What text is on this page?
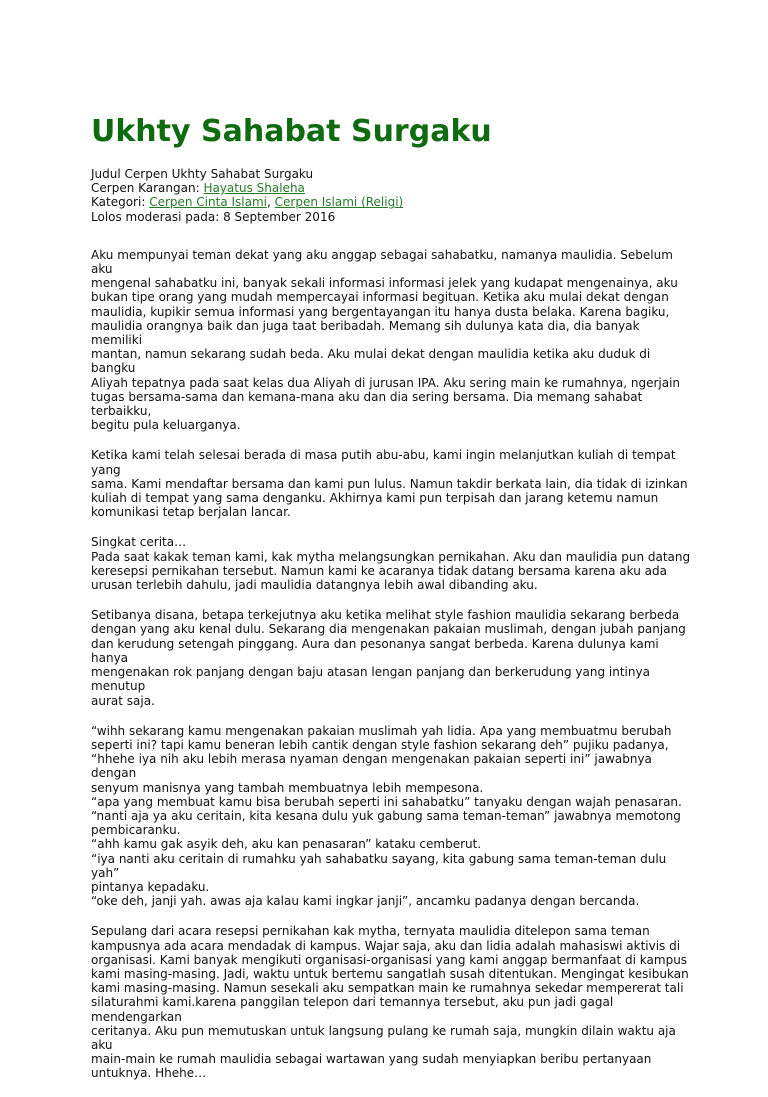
Ukhty Sahabat Surgaku
Judul Cerpen Ukhty Sahabat Surgaku
Cerpen Karangan: Hayatus Shaleha
Kategori: Cerpen Cinta Islami, Cerpen Islami (Religi)
Lolos moderasi pada: 8 September 2016

Aku mempunyai teman dekat yang aku anggap sebagai sahabatku, namanya maulidia. Sebelum aku
mengenal sahabatku ini, banyak sekali informasi informasi jelek yang kudapat mengenainya, aku
bukan tipe orang yang mudah mempercayai informasi begituan. Ketika aku mulai dekat dengan
maulidia, kupikir semua informasi yang bergentayangan itu hanya dusta belaka. Karena bagiku,
maulidia orangnya baik dan juga taat beribadah. Memang sih dulunya kata dia, dia banyak memiliki
mantan, namun sekarang sudah beda. Aku mulai dekat dengan maulidia ketika aku duduk di bangku
Aliyah tepatnya pada saat kelas dua Aliyah di jurusan IPA. Aku sering main ke rumahnya, ngerjain
tugas bersama-sama dan kemana-mana aku dan dia sering bersama. Dia memang sahabat terbaikku,
begitu pula keluarganya.

Ketika kami telah selesai berada di masa putih abu-abu, kami ingin melanjutkan kuliah di tempat yang
sama. Kami mendaftar bersama dan kami pun lulus. Namun takdir berkata lain, dia tidak di izinkan
kuliah di tempat yang sama denganku. Akhirnya kami pun terpisah dan jarang ketemu namun
komunikasi tetap berjalan lancar.

Singkat cerita…
Pada saat kakak teman kami, kak mytha melangsungkan pernikahan. Aku dan maulidia pun datang
keresepsi pernikahan tersebut. Namun kami ke acaranya tidak datang bersama karena aku ada
urusan terlebih dahulu, jadi maulidia datangnya lebih awal dibanding aku.

Setibanya disana, betapa terkejutnya aku ketika melihat style fashion maulidia sekarang berbeda
dengan yang aku kenal dulu. Sekarang dia mengenakan pakaian muslimah, dengan jubah panjang
dan kerudung setengah pinggang. Aura dan pesonanya sangat berbeda. Karena dulunya kami hanya
mengenakan rok panjang dengan baju atasan lengan panjang dan berkerudung yang intinya menutup
aurat saja.

“wihh sekarang kamu mengenakan pakaian muslimah yah lidia. Apa yang membuatmu berubah
seperti ini? tapi kamu beneran lebih cantik dengan style fashion sekarang deh” pujiku padanya,
“hhehe iya nih aku lebih merasa nyaman dengan mengenakan pakaian seperti ini” jawabnya dengan
senyum manisnya yang tambah membuatnya lebih mempesona.
“apa yang membuat kamu bisa berubah seperti ini sahabatku” tanyaku dengan wajah penasaran.
“nanti aja ya aku ceritain, kita kesana dulu yuk gabung sama teman-teman” jawabnya memotong
pembicaranku.
“ahh kamu gak asyik deh, aku kan penasaran” kataku cemberut.
“iya nanti aku ceritain di rumahku yah sahabatku sayang, kita gabung sama teman-teman dulu yah”
pintanya kepadaku.
“oke deh, janji yah. awas aja kalau kami ingkar janji”, ancamku padanya dengan bercanda.

Sepulang dari acara resepsi pernikahan kak mytha, ternyata maulidia ditelepon sama teman
kampusnya ada acara mendadak di kampus. Wajar saja, aku dan lidia adalah mahasiswi aktivis di
organisasi. Kami banyak mengikuti organisasi-organisasi yang kami anggap bermanfaat di kampus
kami masing-masing. Jadi, waktu untuk bertemu sangatlah susah ditentukan. Mengingat kesibukan
kami masing-masing. Namun sesekali aku sempatkan main ke rumahnya sekedar mempererat tali
silaturahmi kami.karena panggilan telepon dari temannya tersebut, aku pun jadi gagal mendengarkan
ceritanya. Aku pun memutuskan untuk langsung pulang ke rumah saja, mungkin dilain waktu aja aku
main-main ke rumah maulidia sebagai wartawan yang sudah menyiapkan beribu pertanyaan
untuknya. Hhehe…
